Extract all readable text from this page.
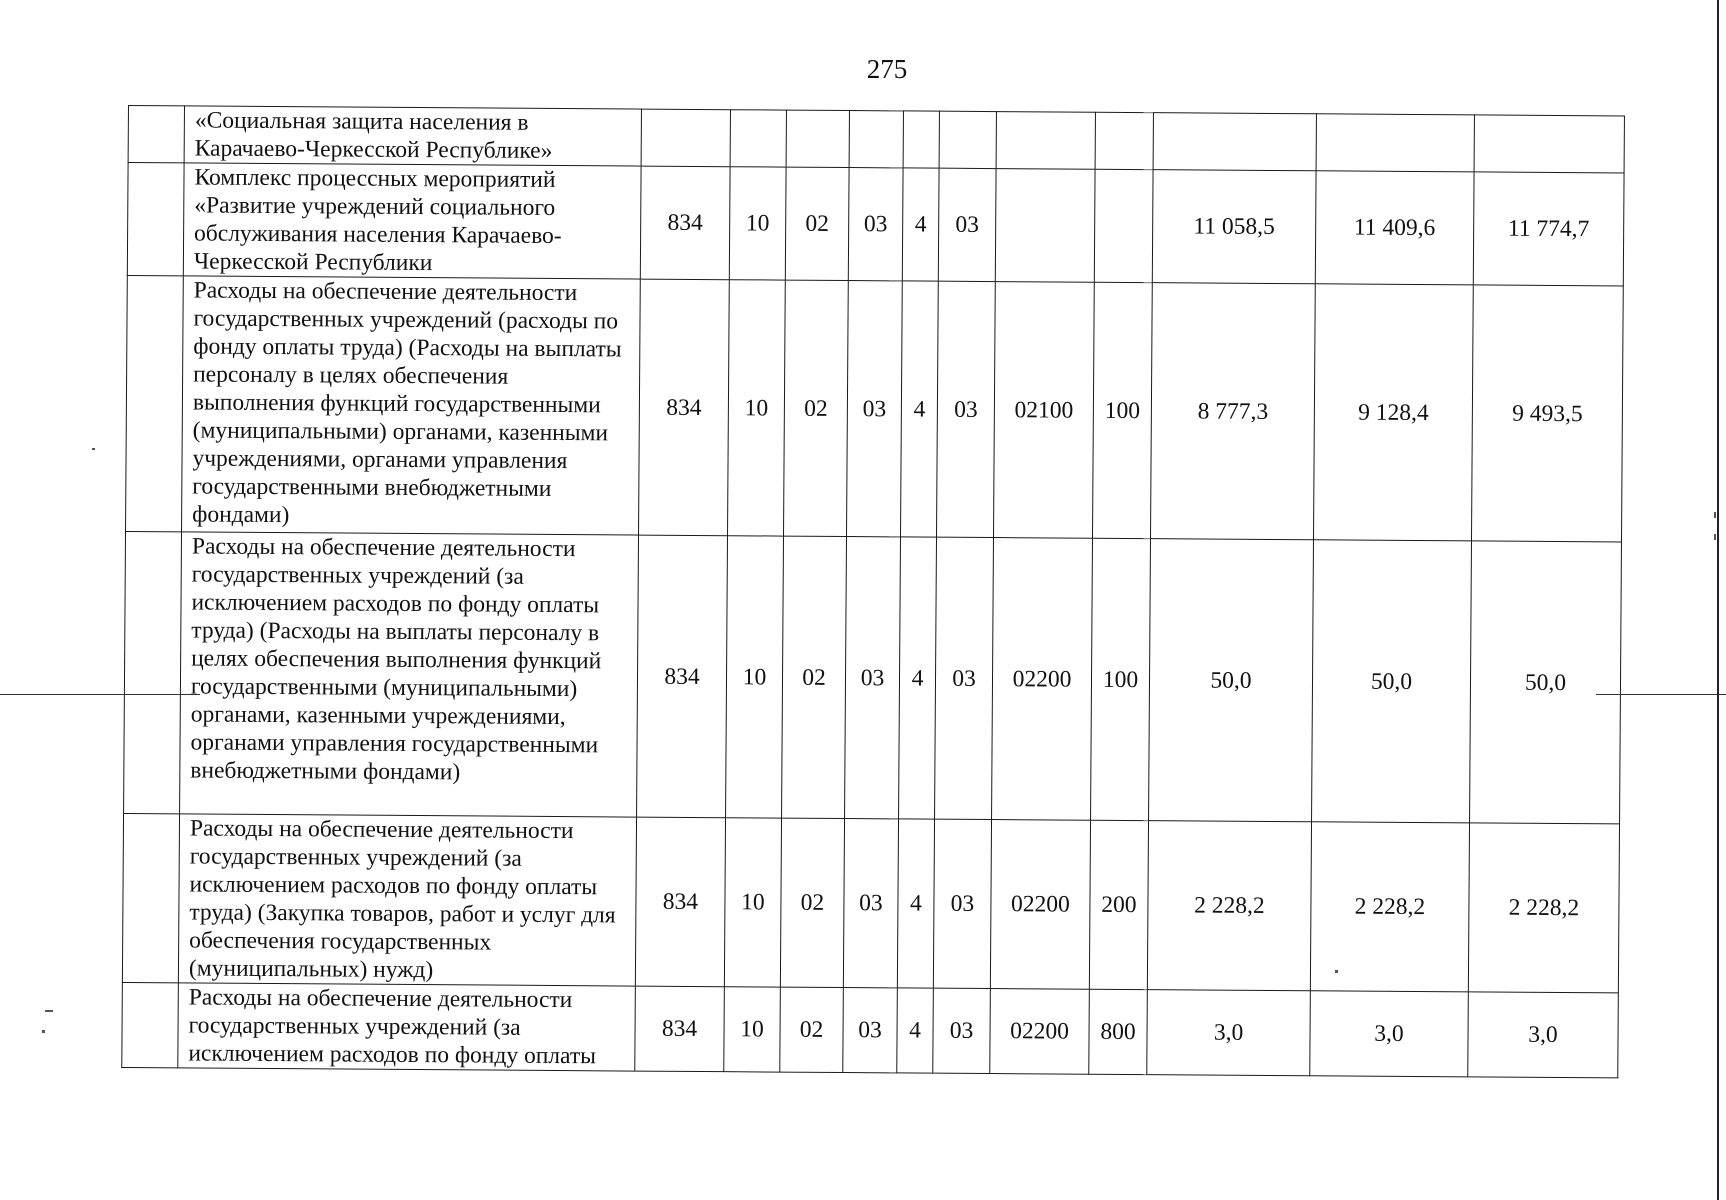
275
	«Социальная защита населения в Карачаево-Черкесской Республике»											
	Комплекс процессных мероприятий «Развитие учреждений социального обслуживания населения Карачаево-Черкесской Республики	834	10	02	03	4	03			11 058,5	11 409,6	11 774,7
	Расходы на обеспечение деятельности государственных учреждений (расходы по фонду оплаты труда) (Расходы на выплаты персоналу в целях обеспечения выполнения функций государственными (муниципальными) органами, казенными учреждениями, органами управления государственными внебюджетными фондами)	834	10	02	03	4	03	02100	100	8 777,3	9 128,4	9 493,5
	Расходы на обеспечение деятельности государственных учреждений (за исключением расходов по фонду оплаты труда) (Расходы на выплаты персоналу в целях обеспечения выполнения функций государственными (муниципальными) органами, казенными учреждениями, органами управления государственными внебюджетными фондами)	834	10	02	03	4	03	02200	100	50,0	50,0	50,0
	Расходы на обеспечение деятельности государственных учреждений (за исключением расходов по фонду оплаты труда) (Закупка товаров, работ и услуг для обеспечения государственных (муниципальных) нужд)	834	10	02	03	4	03	02200	200	2 228,2	2 228,2	2 228,2
	Расходы на обеспечение деятельности государственных учреждений (за исключением расходов по фонду оплаты	834	10	02	03	4	03	02200	800	3,0	3,0	3,0
